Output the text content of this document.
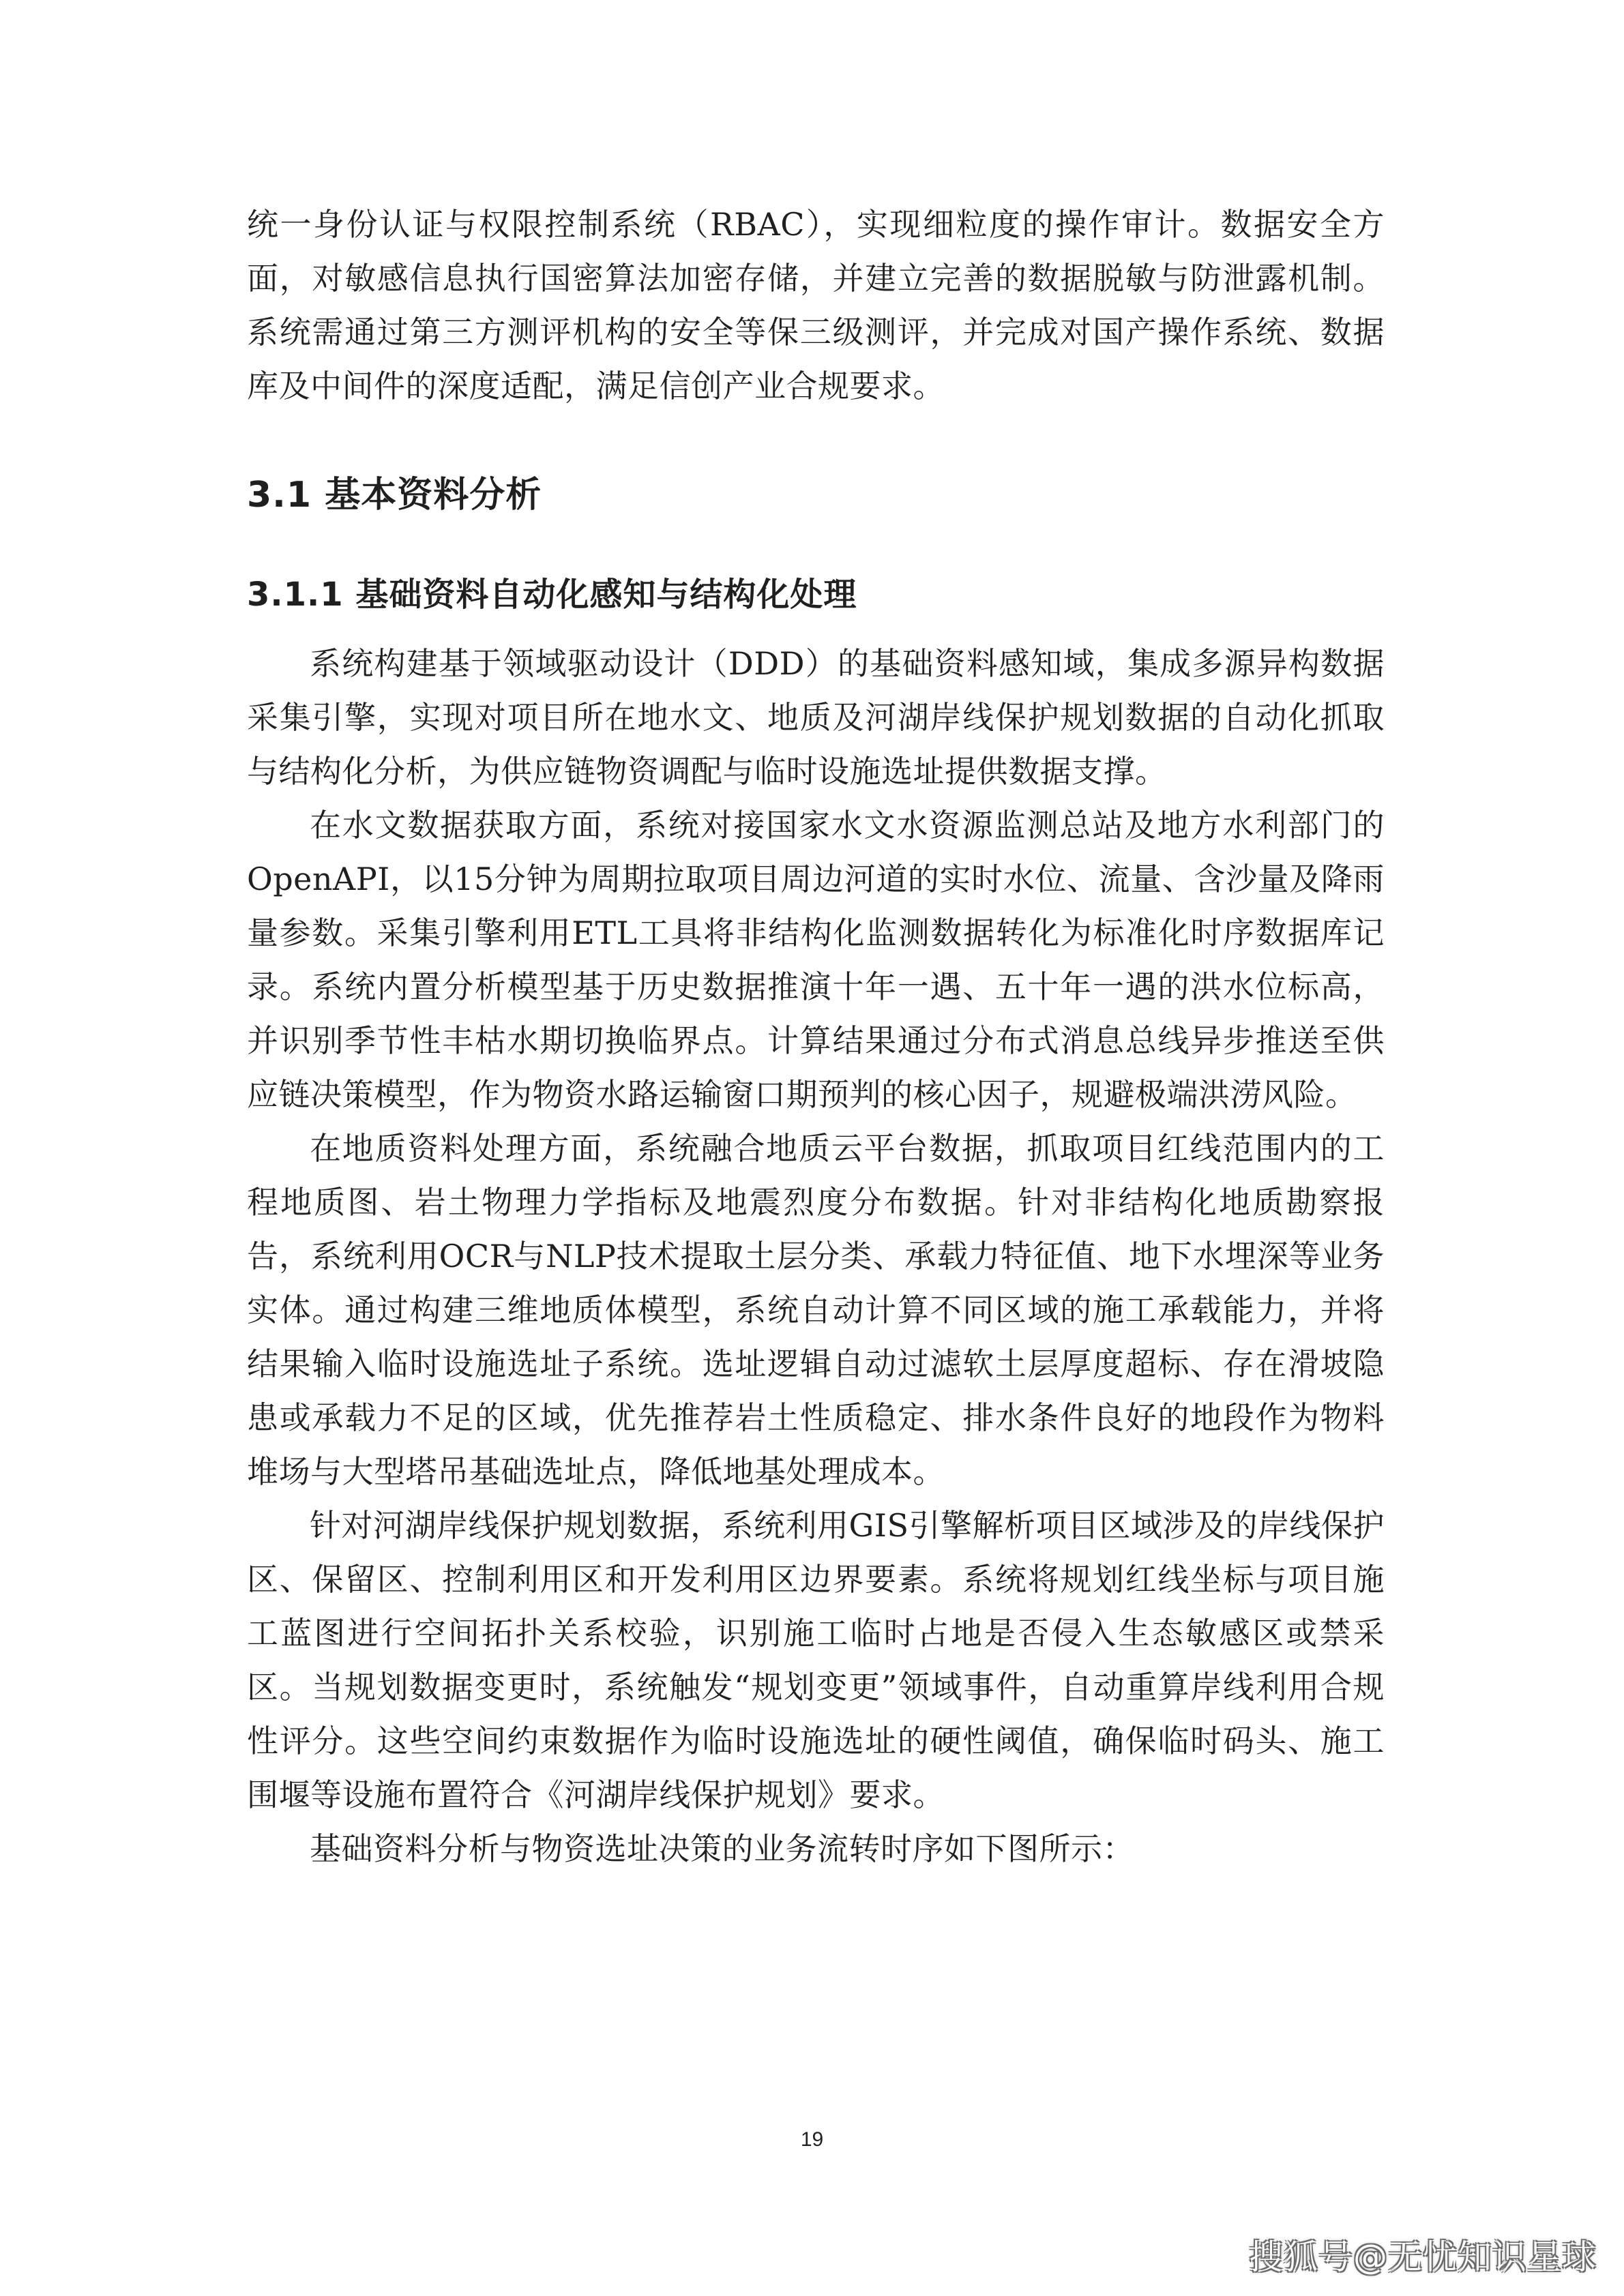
统一身份认证与权限控制系统（RBAC），实现细粒度的操作审计。数据安全方面，对敏感信息执行国密算法加密存储，并建立完善的数据脱敏与防泄露机制。系统需通过第三方测评机构的安全等保三级测评，并完成对国产操作系统、数据库及中间件的深度适配，满足信创产业合规要求。

3.1 基本资料分析
3.1.1 基础资料自动化感知与结构化处理

系统构建基于领域驱动设计（DDD）的基础资料感知域，集成多源异构数据采集引擎，实现对项目所在地水文、地质及河湖岸线保护规划数据的自动化抓取与结构化分析，为供应链物资调配与临时设施选址提供数据支撑。

在水文数据获取方面，系统对接国家水文水资源监测总站及地方水利部门的OpenAPI，以15分钟为周期拉取项目周边河道的实时水位、流量、含沙量及降雨量参数。采集引擎利用ETL工具将非结构化监测数据转化为标准化时序数据库记录。系统内置分析模型基于历史数据推演十年一遇、五十年一遇的洪水位标高，并识别季节性丰枯水期切换临界点。计算结果通过分布式消息总线异步推送至供应链决策模型，作为物资水路运输窗口期预判的核心因子，规避极端洪涝风险。

在地质资料处理方面，系统融合地质云平台数据，抓取项目红线范围内的工程地质图、岩土物理力学指标及地震烈度分布数据。针对非结构化地质勘察报告，系统利用OCR与NLP技术提取土层分类、承载力特征值、地下水埋深等业务实体。通过构建三维地质体模型，系统自动计算不同区域的施工承载能力，并将结果输入临时设施选址子系统。选址逻辑自动过滤软土层厚度超标、存在滑坡隐患或承载力不足的区域，优先推荐岩土性质稳定、排水条件良好的地段作为物料堆场与大型塔吊基础选址点，降低地基处理成本。

针对河湖岸线保护规划数据，系统利用GIS引擎解析项目区域涉及的岸线保护区、保留区、控制利用区和开发利用区边界要素。系统将规划红线坐标与项目施工蓝图进行空间拓扑关系校验，识别施工临时占地是否侵入生态敏感区或禁采区。当规划数据变更时，系统触发“规划变更”领域事件，自动重算岸线利用合规性评分。这些空间约束数据作为临时设施选址的硬性阈值，确保临时码头、施工围堰等设施布置符合《河湖岸线保护规划》要求。

基础资料分析与物资选址决策的业务流转时序如下图所示：

19
搜狐号@无忧知识星球
